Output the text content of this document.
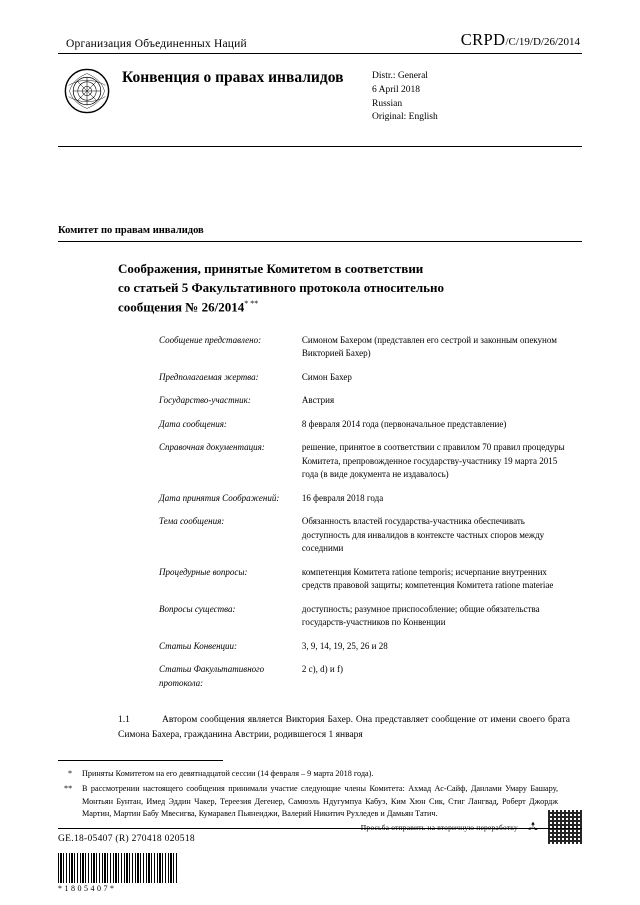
Организация Объединенных Наций	CRPD/C/19/D/26/2014
Конвенция о правах инвалидов	Distr.: General
6 April 2018
Russian
Original: English
Комитет по правам инвалидов
Соображения, принятые Комитетом в соответствии
со статьей 5 Факультативного протокола относительно
сообщения № 26/2014* **
Сообщение представлено:	Симоном Бахером (представлен его сестрой и законным опекуном Викторией Бахер)
Предполагаемая жертва:	Симон Бахер
Государство-участник:	Австрия
Дата сообщения:	8 февраля 2014 года (первоначальное представление)
Справочная документация:	решение, принятое в соответствии с правилом 70 правил процедуры Комитета, препровожденное государству-участнику 19 марта 2015 года (в виде документа не издавалось)
Дата принятия Соображений:	16 февраля 2018 года
Тема сообщения:	Обязанность властей государства-участника обеспечивать доступность для инвалидов в контексте частных споров между соседними
Процедурные вопросы:	компетенция Комитета ratione temporis; исчерпание внутренних средств правовой защиты; компетенция Комитета ratione materiae
Вопросы существа:	доступность; разумное приспособление; общие обязательства государств-участников по Конвенции
Статьи Конвенции:	3, 9, 14, 19, 25, 26 и 28
Статьи Факультативного протокола:	2 с), d) и f)
1.1	Автором сообщения является Виктория Бахер. Она представляет сообщение от имени своего брата Симона Бахера, гражданина Австрии, родившегося 1 января
* Приняты Комитетом на его девятнадцатой сессии (14 февраля – 9 марта 2018 года).
** В рассмотрении настоящего сообщения принимали участие следующие члены Комитета: Ахмад Ас-Сайф, Данлами Умару Башару, Монтьян Бунтан, Имед Эддин Чакер, Тереезия Дегенер, Самюэль Ндугумпуа Кабуэ, Ким Хюн Сик, Стиг Лангвад, Роберт Джордж Мартин, Мартин Бабу Мвесигва, Кумаравел Пьянеиджи, Валерий Никитич Рухледев и Дамьян Татич.
GE.18-05407 (R) 270418 020518
*1805407*
Просьба отправить на вторичную переработку
